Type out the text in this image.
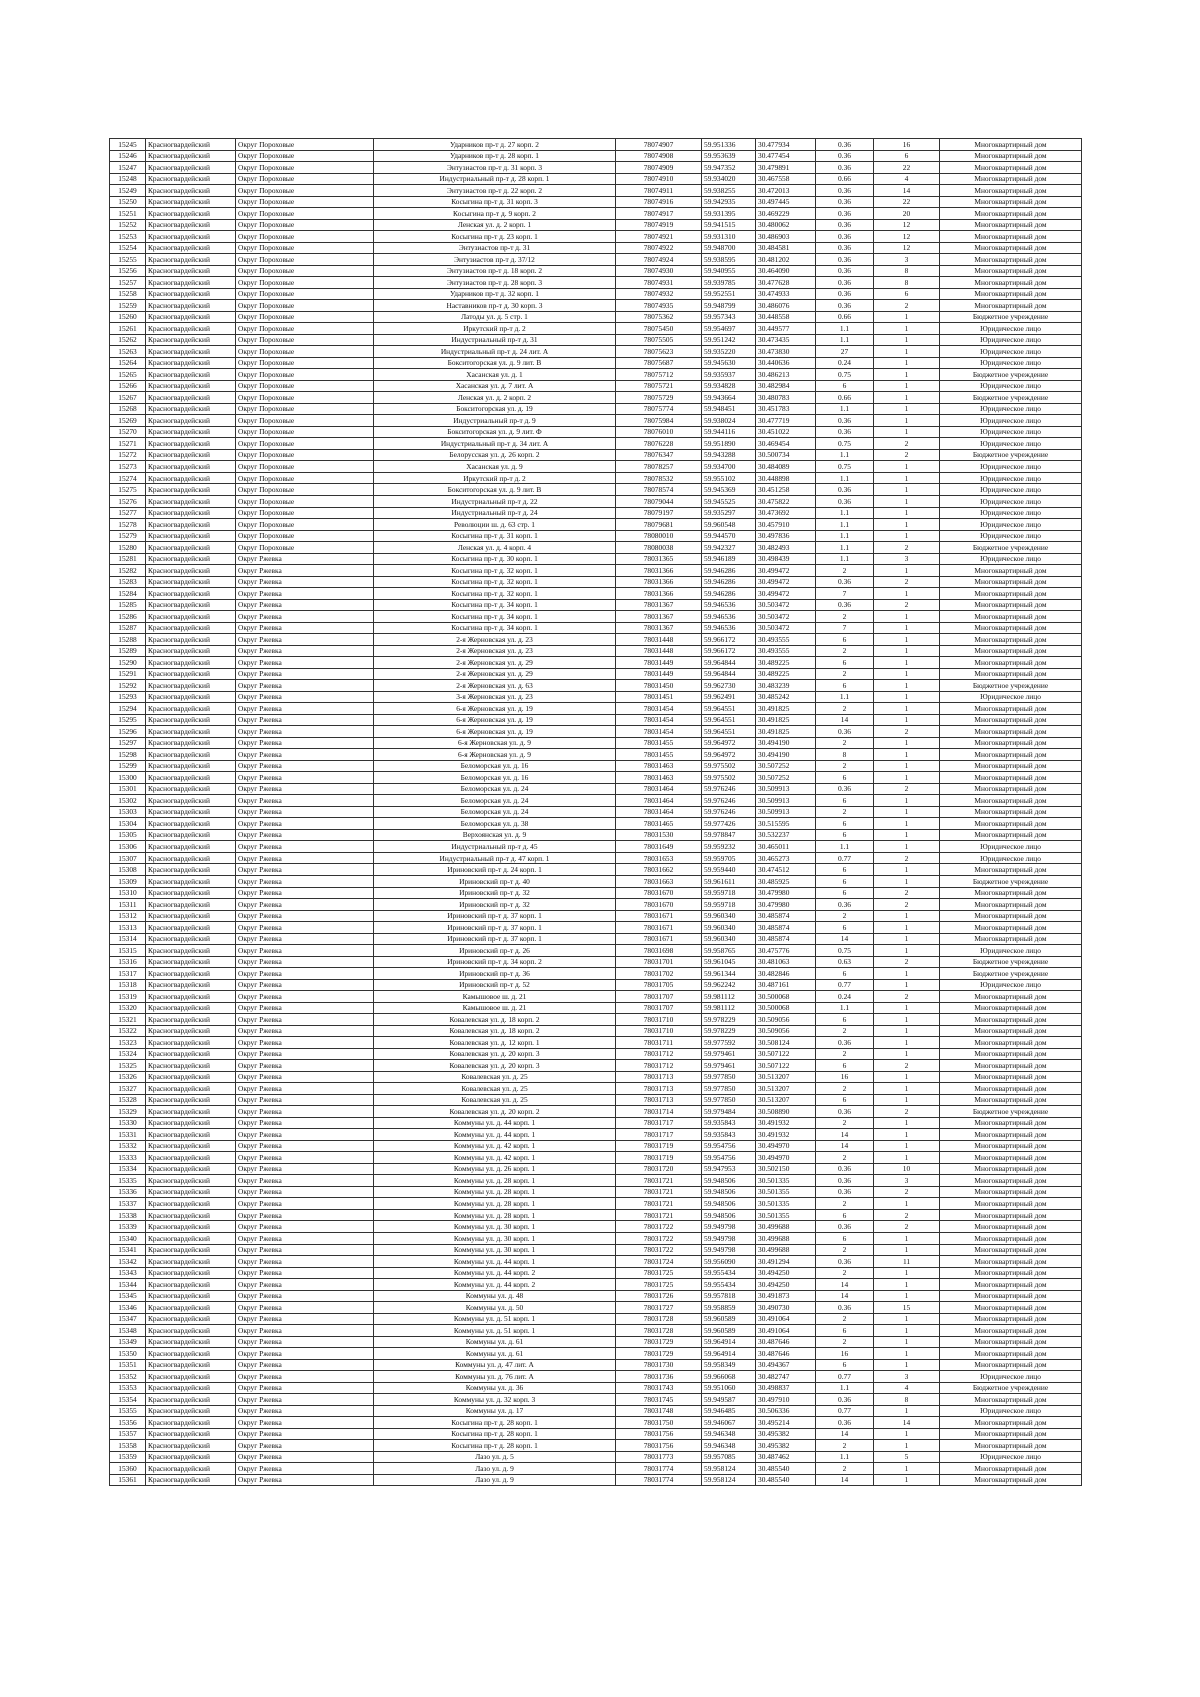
15245	Красногвардейский	Округ Пороховые	Ударников пр-т д. 27 корп. 2	78074907	59.951336	30.477934	0.36	16	Многоквартирный дом
15246	Красногвардейский	Округ Пороховые	Ударников пр-т д. 28 корп. 1	78074908	59.953639	30.477454	0.36	6	Многоквартирный дом
15247	Красногвардейский	Округ Пороховые	Энтузиастов пр-т д. 31 корп. 3	78074909	59.947352	30.479891	0.36	22	Многоквартирный дом
15248	Красногвардейский	Округ Пороховые	Индустриальный пр-т д. 28 корп. 1	78074910	59.934020	30.467558	0.66	4	Многоквартирный дом
15249	Красногвардейский	Округ Пороховые	Энтузиастов пр-т д. 22 корп. 2	78074911	59.938255	30.472013	0.36	14	Многоквартирный дом
15250	Красногвардейский	Округ Пороховые	Косыгина пр-т д. 31 корп. 3	78074916	59.942935	30.497445	0.36	22	Многоквартирный дом
15251	Красногвардейский	Округ Пороховые	Косыгина пр-т д. 9 корп. 2	78074917	59.931395	30.469229	0.36	20	Многоквартирный дом
15252	Красногвардейский	Округ Пороховые	Ленская ул. д. 2 корп. 1	78074919	59.941515	30.480062	0.36	12	Многоквартирный дом
15253	Красногвардейский	Округ Пороховые	Косыгина пр-т д. 23 корп. 1	78074921	59.931310	30.486903	0.36	12	Многоквартирный дом
15254	Красногвардейский	Округ Пороховые	Энтузиастов пр-т д. 31	78074922	59.948700	30.484581	0.36	12	Многоквартирный дом
15255	Красногвардейский	Округ Пороховые	Энтузиастов пр-т д. 37/12	78074924	59.938595	30.481202	0.36	3	Многоквартирный дом
15256	Красногвардейский	Округ Пороховые	Энтузиастов пр-т д. 18 корп. 2	78074930	59.940955	30.464090	0.36	8	Многоквартирный дом
15257	Красногвардейский	Округ Пороховые	Энтузиастов пр-т д. 28 корп. 3	78074931	59.939785	30.477628	0.36	8	Многоквартирный дом
15258	Красногвардейский	Округ Пороховые	Ударников пр-т д. 32 корп. 1	78074932	59.952551	30.474933	0.36	6	Многоквартирный дом
15259	Красногвардейский	Округ Пороховые	Наставников пр-т д. 30 корп. 3	78074935	59.948799	30.486076	0.36	2	Многоквартирный дом
15260	Красногвардейский	Округ Пороховые	Латоды ул. д. 5 стр. 1	78075362	59.957343	30.448558	0.66	1	Бюджетное учреждение
15261	Красногвардейский	Округ Пороховые	Иркутский пр-т д. 2	78075450	59.954697	30.449577	1.1	1	Юридическое лицо
15262	Красногвардейский	Округ Пороховые	Индустриальный пр-т д. 31	78075505	59.951242	30.473435	1.1	1	Юридическое лицо
15263	Красногвардейский	Округ Пороховые	Индустриальный пр-т д. 24 лит. А	78075623	59.935220	30.473830	27	1	Юридическое лицо
15264	Красногвардейский	Округ Пороховые	Бокситогорская ул. д. 9 лит. В	78075687	59.945630	30.440636	0.24	1	Юридическое лицо
15265	Красногвардейский	Округ Пороховые	Хасанская ул. д. 1	78075712	59.935937	30.486213	0.75	1	Бюджетное учреждение
15266	Красногвардейский	Округ Пороховые	Хасанская ул. д. 7 лит. А	78075721	59.934828	30.482984	6	1	Юридическое лицо
15267	Красногвардейский	Округ Пороховые	Ленская ул. д. 2 корп. 2	78075729	59.943664	30.480783	0.66	1	Бюджетное учреждение
15268	Красногвардейский	Округ Пороховые	Бокситогорская ул. д. 19	78075774	59.948451	30.451783	1.1	1	Юридическое лицо
15269	Красногвардейский	Округ Пороховые	Индустриальный пр-т д. 9	78075984	59.938024	30.477719	0.36	1	Юридическое лицо
15270	Красногвардейский	Округ Пороховые	Бокситогорская ул. д. 9 лит. Ф	78076010	59.944116	30.451022	0.36	1	Юридическое лицо
15271	Красногвардейский	Округ Пороховые	Индустриальный пр-т д. 34 лит. А	78076228	59.951890	30.469454	0.75	2	Юридическое лицо
15272	Красногвардейский	Округ Пороховые	Белорусская ул. д. 26 корп. 2	78076347	59.943288	30.500734	1.1	2	Бюджетное учреждение
15273	Красногвардейский	Округ Пороховые	Хасанская ул. д. 9	78078257	59.934700	30.484089	0.75	1	Юридическое лицо
15274	Красногвардейский	Округ Пороховые	Иркутский пр-т д. 2	78078532	59.955102	30.448898	1.1	1	Юридическое лицо
15275	Красногвардейский	Округ Пороховые	Бокситогорская ул. д. 9 лит. В	78078574	59.945369	30.451258	0.36	1	Юридическое лицо
15276	Красногвардейский	Округ Пороховые	Индустриальный пр-т д. 22	78079044	59.945525	30.475822	0.36	1	Юридическое лицо
15277	Красногвардейский	Округ Пороховые	Индустриальный пр-т д. 24	78079197	59.935297	30.473692	1.1	1	Юридическое лицо
15278	Красногвардейский	Округ Пороховые	Революции ш. д. 63 стр. 1	78079681	59.960548	30.457910	1.1	1	Юридическое лицо
15279	Красногвардейский	Округ Пороховые	Косыгина пр-т д. 31 корп. 1	78080010	59.944570	30.497836	1.1	1	Юридическое лицо
15280	Красногвардейский	Округ Пороховые	Ленская ул. д. 4 корп. 4	78080038	59.942327	30.482493	1.1	2	Бюджетное учреждение
15281	Красногвардейский	Округ Ржевка	Косыгина пр-т д. 30 корп. 1	78031365	59.946189	30.498439	1.1	3	Юридическое лицо
15282	Красногвардейский	Округ Ржевка	Косыгина пр-т д. 32 корп. 1	78031366	59.946286	30.499472	2	1	Многоквартирный дом
15283	Красногвардейский	Округ Ржевка	Косыгина пр-т д. 32 корп. 1	78031366	59.946286	30.499472	0.36	2	Многоквартирный дом
15284	Красногвардейский	Округ Ржевка	Косыгина пр-т д. 32 корп. 1	78031366	59.946286	30.499472	7	1	Многоквартирный дом
15285	Красногвардейский	Округ Ржевка	Косыгина пр-т д. 34 корп. 1	78031367	59.946536	30.503472	0.36	2	Многоквартирный дом
15286	Красногвардейский	Округ Ржевка	Косыгина пр-т д. 34 корп. 1	78031367	59.946536	30.503472	2	1	Многоквартирный дом
15287	Красногвардейский	Округ Ржевка	Косыгина пр-т д. 34 корп. 1	78031367	59.946536	30.503472	7	1	Многоквартирный дом
15288	Красногвардейский	Округ Ржевка	2-я Жерновская ул. д. 23	78031448	59.966172	30.493555	6	1	Многоквартирный дом
15289	Красногвардейский	Округ Ржевка	2-я Жерновская ул. д. 23	78031448	59.966172	30.493555	2	1	Многоквартирный дом
15290	Красногвардейский	Округ Ржевка	2-я Жерновская ул. д. 29	78031449	59.964844	30.489225	6	1	Многоквартирный дом
15291	Красногвардейский	Округ Ржевка	2-я Жерновская ул. д. 29	78031449	59.964844	30.489225	2	1	Многоквартирный дом
15292	Красногвардейский	Округ Ржевка	2-я Жерновская ул. д. 63	78031450	59.962730	30.483239	6	1	Бюджетное учреждение
15293	Красногвардейский	Округ Ржевка	3-я Жерновская ул. д. 23	78031451	59.962491	30.485242	1.1	1	Юридическое лицо
15294	Красногвардейский	Округ Ржевка	6-я Жерновская ул. д. 19	78031454	59.964551	30.491825	2	1	Многоквартирный дом
15295	Красногвардейский	Округ Ржевка	6-я Жерновская ул. д. 19	78031454	59.964551	30.491825	14	1	Многоквартирный дом
15296	Красногвардейский	Округ Ржевка	6-я Жерновская ул. д. 19	78031454	59.964551	30.491825	0.36	2	Многоквартирный дом
15297	Красногвардейский	Округ Ржевка	6-я Жерновская ул. д. 9	78031455	59.964972	30.494190	2	1	Многоквартирный дом
15298	Красногвардейский	Округ Ржевка	6-я Жерновская ул. д. 9	78031455	59.964972	30.494190	8	1	Многоквартирный дом
15299	Красногвардейский	Округ Ржевка	Беломорская ул. д. 16	78031463	59.975502	30.507252	2	1	Многоквартирный дом
15300	Красногвардейский	Округ Ржевка	Беломорская ул. д. 16	78031463	59.975502	30.507252	6	1	Многоквартирный дом
15301	Красногвардейский	Округ Ржевка	Беломорская ул. д. 24	78031464	59.976246	30.509913	0.36	2	Многоквартирный дом
15302	Красногвардейский	Округ Ржевка	Беломорская ул. д. 24	78031464	59.976246	30.509913	6	1	Многоквартирный дом
15303	Красногвардейский	Округ Ржевка	Беломорская ул. д. 24	78031464	59.976246	30.509913	2	1	Многоквартирный дом
15304	Красногвардейский	Округ Ржевка	Беломорская ул. д. 38	78031465	59.977426	30.515595	6	1	Многоквартирный дом
15305	Красногвардейский	Округ Ржевка	Верхоянская ул. д. 9	78031530	59.978847	30.532237	6	1	Многоквартирный дом
15306	Красногвардейский	Округ Ржевка	Индустриальный пр-т д. 45	78031649	59.959232	30.465011	1.1	1	Юридическое лицо
15307	Красногвардейский	Округ Ржевка	Индустриальный пр-т д. 47 корп. 1	78031653	59.959705	30.465273	0.77	2	Юридическое лицо
15308	Красногвардейский	Округ Ржевка	Ириновский пр-т д. 24 корп. 1	78031662	59.959440	30.474512	6	1	Многоквартирный дом
15309	Красногвардейский	Округ Ржевка	Ириновский пр-т д. 40	78031663	59.961611	30.485925	6	1	Бюджетное учреждение
15310	Красногвардейский	Округ Ржевка	Ириновский пр-т д. 32	78031670	59.959718	30.479980	6	2	Многоквартирный дом
15311	Красногвардейский	Округ Ржевка	Ириновский пр-т д. 32	78031670	59.959718	30.479980	0.36	2	Многоквартирный дом
15312	Красногвардейский	Округ Ржевка	Ириновский пр-т д. 37 корп. 1	78031671	59.960340	30.485874	2	1	Многоквартирный дом
15313	Красногвардейский	Округ Ржевка	Ириновский пр-т д. 37 корп. 1	78031671	59.960340	30.485874	6	1	Многоквартирный дом
15314	Красногвардейский	Округ Ржевка	Ириновский пр-т д. 37 корп. 1	78031671	59.960340	30.485874	14	1	Многоквартирный дом
15315	Красногвардейский	Округ Ржевка	Ириновский пр-т д. 26	78031698	59.958765	30.475776	0.75	1	Юридическое лицо
15316	Красногвардейский	Округ Ржевка	Ириновский пр-т д. 34 корп. 2	78031701	59.961045	30.481063	0.63	2	Бюджетное учреждение
15317	Красногвардейский	Округ Ржевка	Ириновский пр-т д. 36	78031702	59.961344	30.482846	6	1	Бюджетное учреждение
15318	Красногвардейский	Округ Ржевка	Ириновский пр-т д. 52	78031705	59.962242	30.487161	0.77	1	Юридическое лицо
15319	Красногвардейский	Округ Ржевка	Камышовое ш. д. 21	78031707	59.981112	30.500068	0.24	2	Многоквартирный дом
15320	Красногвардейский	Округ Ржевка	Камышовое ш. д. 21	78031707	59.981112	30.500068	1.1	1	Многоквартирный дом
15321	Красногвардейский	Округ Ржевка	Ковалевская ул. д. 18 корп. 2	78031710	59.978229	30.509056	6	1	Многоквартирный дом
15322	Красногвардейский	Округ Ржевка	Ковалевская ул. д. 18 корп. 2	78031710	59.978229	30.509056	2	1	Многоквартирный дом
15323	Красногвардейский	Округ Ржевка	Ковалевская ул. д. 12 корп. 1	78031711	59.977592	30.508124	0.36	1	Многоквартирный дом
15324	Красногвардейский	Округ Ржевка	Ковалевская ул. д. 20 корп. 3	78031712	59.979461	30.507122	2	1	Многоквартирный дом
15325	Красногвардейский	Округ Ржевка	Ковалевская ул. д. 20 корп. 3	78031712	59.979461	30.507122	6	2	Многоквартирный дом
15326	Красногвардейский	Округ Ржевка	Ковалевская ул. д. 25	78031713	59.977850	30.513207	16	1	Многоквартирный дом
15327	Красногвардейский	Округ Ржевка	Ковалевская ул. д. 25	78031713	59.977850	30.513207	2	1	Многоквартирный дом
15328	Красногвардейский	Округ Ржевка	Ковалевская ул. д. 25	78031713	59.977850	30.513207	6	1	Многоквартирный дом
15329	Красногвардейский	Округ Ржевка	Ковалевская ул. д. 20 корп. 2	78031714	59.979484	30.508890	0.36	2	Бюджетное учреждение
15330	Красногвардейский	Округ Ржевка	Коммуны ул. д. 44 корп. 1	78031717	59.935843	30.491932	2	1	Многоквартирный дом
15331	Красногвардейский	Округ Ржевка	Коммуны ул. д. 44 корп. 1	78031717	59.935843	30.491932	14	1	Многоквартирный дом
15332	Красногвардейский	Округ Ржевка	Коммуны ул. д. 42 корп. 1	78031719	59.954756	30.494970	14	1	Многоквартирный дом
15333	Красногвардейский	Округ Ржевка	Коммуны ул. д. 42 корп. 1	78031719	59.954756	30.494970	2	1	Многоквартирный дом
15334	Красногвардейский	Округ Ржевка	Коммуны ул. д. 26 корп. 1	78031720	59.947953	30.502150	0.36	10	Многоквартирный дом
15335	Красногвардейский	Округ Ржевка	Коммуны ул. д. 28 корп. 1	78031721	59.948506	30.501335	0.36	3	Многоквартирный дом
15336	Красногвардейский	Округ Ржевка	Коммуны ул. д. 28 корп. 1	78031721	59.948506	30.501355	0.36	2	Многоквартирный дом
15337	Красногвардейский	Округ Ржевка	Коммуны ул. д. 28 корп. 1	78031721	59.948506	30.501335	2	1	Многоквартирный дом
15338	Красногвардейский	Округ Ржевка	Коммуны ул. д. 28 корп. 1	78031721	59.948506	30.501355	6	2	Многоквартирный дом
15339	Красногвардейский	Округ Ржевка	Коммуны ул. д. 30 корп. 1	78031722	59.949798	30.499688	0.36	2	Многоквартирный дом
15340	Красногвардейский	Округ Ржевка	Коммуны ул. д. 30 корп. 1	78031722	59.949798	30.499688	6	1	Многоквартирный дом
15341	Красногвардейский	Округ Ржевка	Коммуны ул. д. 30 корп. 1	78031722	59.949798	30.499688	2	1	Многоквартирный дом
15342	Красногвардейский	Округ Ржевка	Коммуны ул. д. 44 корп. 1	78031724	59.956090	30.491294	0.36	11	Многоквартирный дом
15343	Красногвардейский	Округ Ржевка	Коммуны ул. д. 44 корп. 2	78031725	59.955434	30.494250	2	1	Многоквартирный дом
15344	Красногвардейский	Округ Ржевка	Коммуны ул. д. 44 корп. 2	78031725	59.955434	30.494250	14	1	Многоквартирный дом
15345	Красногвардейский	Округ Ржевка	Коммуны ул. д. 48	78031726	59.957818	30.491873	14	1	Многоквартирный дом
15346	Красногвардейский	Округ Ржевка	Коммуны ул. д. 50	78031727	59.958859	30.490730	0.36	15	Многоквартирный дом
15347	Красногвардейский	Округ Ржевка	Коммуны ул. д. 51 корп. 1	78031728	59.960589	30.491064	2	1	Многоквартирный дом
15348	Красногвардейский	Округ Ржевка	Коммуны ул. д. 51 корп. 1	78031728	59.960589	30.491064	6	1	Многоквартирный дом
15349	Красногвардейский	Округ Ржевка	Коммуны ул. д. 61	78031729	59.964914	30.487646	2	1	Многоквартирный дом
15350	Красногвардейский	Округ Ржевка	Коммуны ул. д. 61	78031729	59.964914	30.487646	16	1	Многоквартирный дом
15351	Красногвардейский	Округ Ржевка	Коммуны ул. д. 47 лит. А	78031730	59.958349	30.494367	6	1	Многоквартирный дом
15352	Красногвардейский	Округ Ржевка	Коммуны ул. д. 76 лит. А	78031736	59.966068	30.482747	0.77	3	Юридическое лицо
15353	Красногвардейский	Округ Ржевка	Коммуны ул. д. 36	78031743	59.951060	30.498837	1.1	4	Бюджетное учреждение
15354	Красногвардейский	Округ Ржевка	Коммуны ул. д. 32 корп. 3	78031745	59.949587	30.497910	0.36	8	Многоквартирный дом
15355	Красногвардейский	Округ Ржевка	Коммуны ул. д. 17	78031748	59.946485	30.506336	0.77	1	Юридическое лицо
15356	Красногвардейский	Округ Ржевка	Косыгина пр-т д. 28 корп. 1	78031750	59.946067	30.495214	0.36	14	Многоквартирный дом
15357	Красногвардейский	Округ Ржевка	Косыгина пр-т д. 28 корп. 1	78031756	59.946348	30.495382	14	1	Многоквартирный дом
15358	Красногвардейский	Округ Ржевка	Косыгина пр-т д. 28 корп. 1	78031756	59.946348	30.495382	2	1	Многоквартирный дом
15359	Красногвардейский	Округ Ржевка	Лазо ул. д. 5	78031773	59.957085	30.487462	1.1	5	Юридическое лицо
15360	Красногвардейский	Округ Ржевка	Лазо ул. д. 9	78031774	59.958124	30.485540	2	1	Многоквартирный дом
15361	Красногвардейский	Округ Ржевка	Лазо ул. д. 9	78031774	59.958124	30.485540	14	1	Многоквартирный дом
